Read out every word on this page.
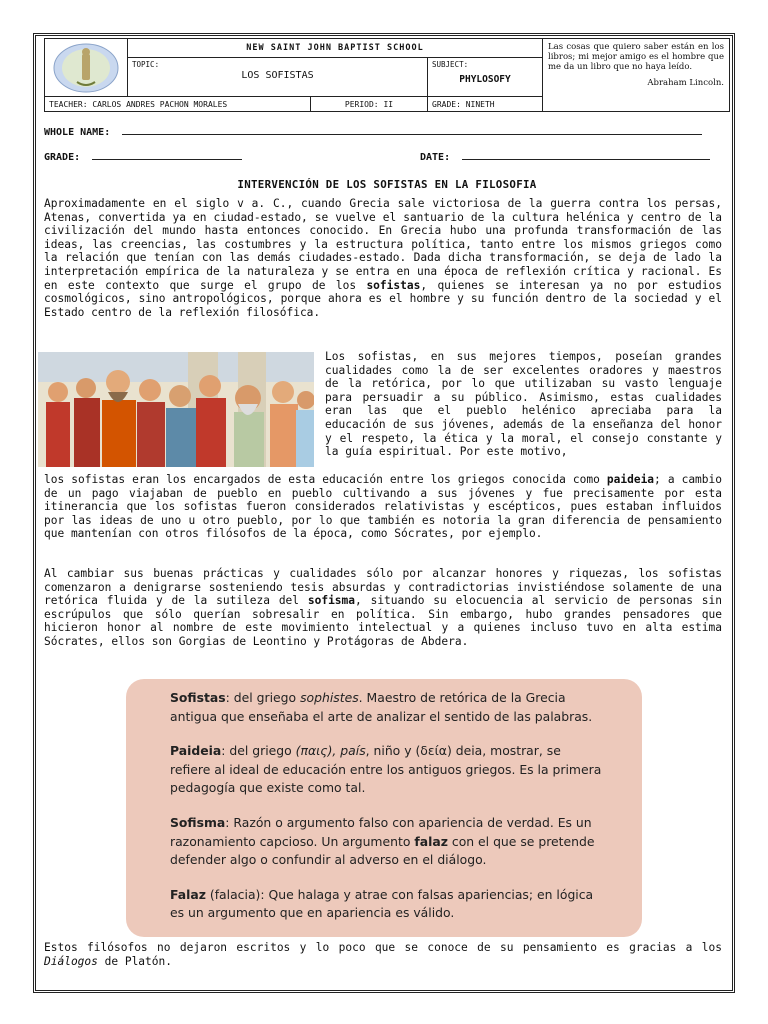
	NEW SAINT JOHN BAPTIST SCHOOL			Las cosas que quiero saber están en los libros; mi mejor amigo es el hombre que me da un libro que no haya leído.
Abraham Lincoln.

	TOPIC:
LOS SOFISTAS		SUBJECT:
PHYLOSOFY	

TEACHER: CARLOS ANDRES PACHON MORALES		PERIOD: II	GRADE: NINETH	
WHOLE NAME:
GRADE:	DATE:
INTERVENCIÓN DE LOS SOFISTAS EN LA FILOSOFIA

Aproximadamente en el siglo v a. C., cuando Grecia sale victoriosa de la guerra contra los persas, Atenas, convertida ya en ciudad-estado, se vuelve el santuario de la cultura helénica y centro de la civilización del mundo hasta entonces conocido. En Grecia hubo una profunda transformación de las ideas, las creencias, las costumbres y la estructura política, tanto entre los mismos griegos como la relación que tenían con las demás ciudades-estado. Dada dicha transformación, se deja de lado la interpretación empírica de la naturaleza y se entra en una época de reflexión crítica y racional. Es en este contexto que surge el grupo de los sofistas, quienes se interesan ya no por estudios cosmológicos, sino antropológicos, porque ahora es el hombre y su función dentro de la sociedad y el Estado centro de la reflexión filosófica.

Los sofistas, en sus mejores tiempos, poseían grandes cualidades como la de ser excelentes oradores y maestros de la retórica, por lo que utilizaban su vasto lenguaje para persuadir a su público. Asimismo, estas cualidades eran las que el pueblo helénico apreciaba para la educación de sus jóvenes, además de la enseñanza del honor y el respeto, la ética y la moral, el consejo constante y la guía espiritual. Por este motivo,

los sofistas eran los encargados de esta educación entre los griegos conocida como paideia; a cambio de un pago viajaban de pueblo en pueblo cultivando a sus jóvenes y fue precisamente por esta itinerancia que los sofistas fueron considerados relativistas y escépticos, pues estaban influidos por las ideas de uno u otro pueblo, por lo que también es notoria la gran diferencia de pensamiento que mantenían con otros filósofos de la época, como Sócrates, por ejemplo.

Al cambiar sus buenas prácticas y cualidades sólo por alcanzar honores y riquezas, los sofistas comenzaron a denigrarse sosteniendo tesis absurdas y contradictorias invistiéndose solamente de una retórica fluida y de la sutileza del sofisma, situando su elocuencia al servicio de personas sin escrúpulos que sólo querían sobresalir en política. Sin embargo, hubo grandes pensadores que hicieron honor al nombre de este movimiento intelectual y a quienes incluso tuvo en alta estima Sócrates, ellos son Gorgias de Leontino y Protágoras de Abdera.

Sofistas: del griego sophistes. Maestro de retórica de la Grecia antigua que enseñaba el arte de analizar el sentido de las palabras.

Paideia: del griego (παις), país, niño y (δεία) deia, mostrar, se refiere al ideal de educación entre los antiguos griegos. Es la primera pedagogía que existe como tal.

Sofisma: Razón o argumento falso con apariencia de verdad. Es un razonamiento capcioso. Un argumento falaz con el que se pretende defender algo o confundir al adverso en el diálogo.

Falaz (falacia): Que halaga y atrae con falsas apariencias; en lógica es un argumento que en apariencia es válido.

Estos filósofos no dejaron escritos y lo poco que se conoce de su pensamiento es gracias a los Diálogos de Platón.
